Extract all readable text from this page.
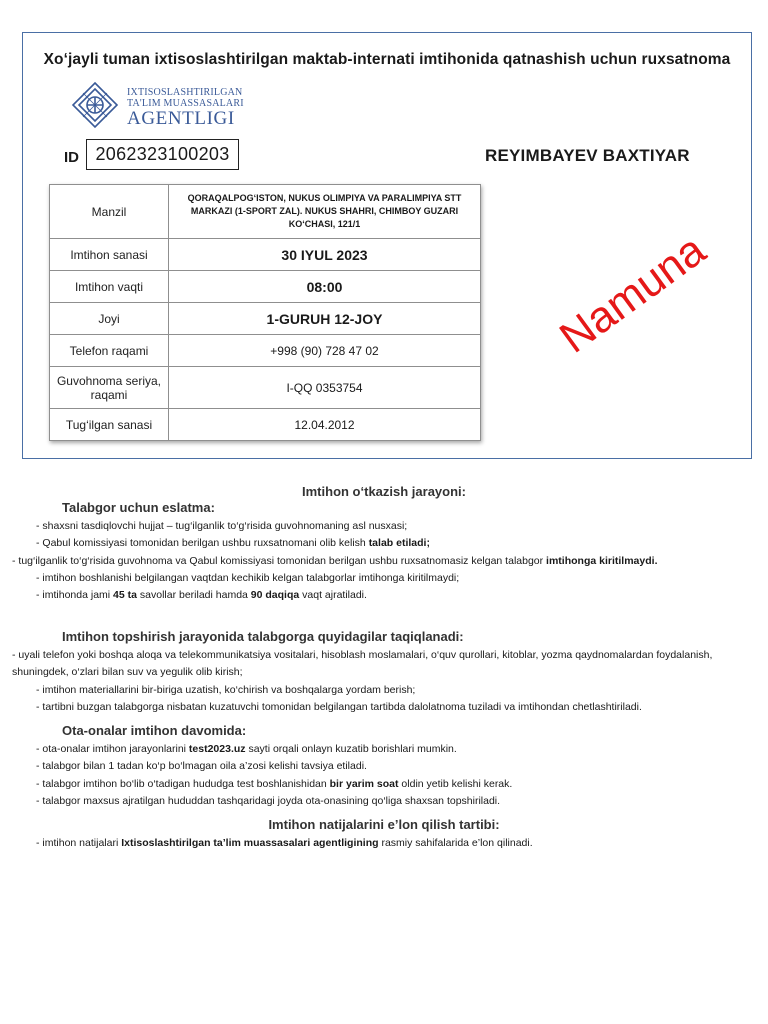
Xo‘jayli tuman ixtisoslashtirilgan maktab-internati imtihonida qatnashish uchun ruxsatnoma
IXTISOSLASHTIRILGAN
TA'LIM MUASSASALARI
AGENTLIGI
ID 2062323100203	REYIMBAYEV BAXTIYAR
Manzil	QORAQALPOG‘ISTON, NUKUS OLIMPIYA VA PARALIMPIYA STT MARKAZI (1-SPORT ZAL). NUKUS SHAHRI, CHIMBOY GUZARI KO‘CHASI, 121/1
Imtihon sanasi	30 IYUL 2023
Imtihon vaqti	08:00
Joyi	1-GURUH 12-JOY
Telefon raqami	+998 (90) 728 47 02
Guvohnoma seriya, raqami	I-QQ 0353754
Tug‘ilgan sanasi	12.04.2012
Namuna
Imtihon o‘tkazish jarayoni:
Talabgor uchun eslatma:
- shaxsni tasdiqlovchi hujjat – tug‘ilganlik to‘g‘risida guvohnomaning asl nusxasi;
- Qabul komissiyasi tomonidan berilgan ushbu ruxsatnomani olib kelish talab etiladi;
- tug‘ilganlik to‘g‘risida guvohnoma va Qabul komissiyasi tomonidan berilgan ushbu ruxsatnomasiz kelgan talabgor imtihonga kiritilmaydi.
- imtihon boshlanishi belgilangan vaqtdan kechikib kelgan talabgorlar imtihonga kiritilmaydi;
- imtihonda jami 45 ta savollar beriladi hamda 90 daqiqa vaqt ajratiladi.
Imtihon topshirish jarayonida talabgorga quyidagilar taqiqlanadi:
- uyali telefon yoki boshqa aloqa va telekommunikatsiya vositalari, hisoblash moslamalari, o‘quv qurollari, kitoblar, yozma qaydnomalardan foydalanish, shuningdek, o‘zlari bilan suv va yegulik olib kirish;
- imtihon materiallarini bir-biriga uzatish, ko‘chirish va boshqalarga yordam berish;
- tartibni buzgan talabgorga nisbatan kuzatuvchi tomonidan belgilangan tartibda dalolatnoma tuziladi va imtihondan chetlashtiriladi.
Ota-onalar imtihon davomida:
- ota-onalar imtihon jarayonlarini test2023.uz sayti orqali onlayn kuzatib borishlari mumkin.
- talabgor bilan 1 tadan ko‘p bo‘lmagan oila a’zosi kelishi tavsiya etiladi.
- talabgor imtihon bo‘lib o‘tadigan hududga test boshlanishidan bir yarim soat oldin yetib kelishi kerak.
- talabgor maxsus ajratilgan hududdan tashqaridagi joyda ota-onasining qo‘liga shaxsan topshiriladi.
Imtihon natijalarini e’lon qilish tartibi:
- imtihon natijalari Ixtisoslashtirilgan ta’lim muassasalari agentligining rasmiy sahifalarida e’lon qilinadi.
